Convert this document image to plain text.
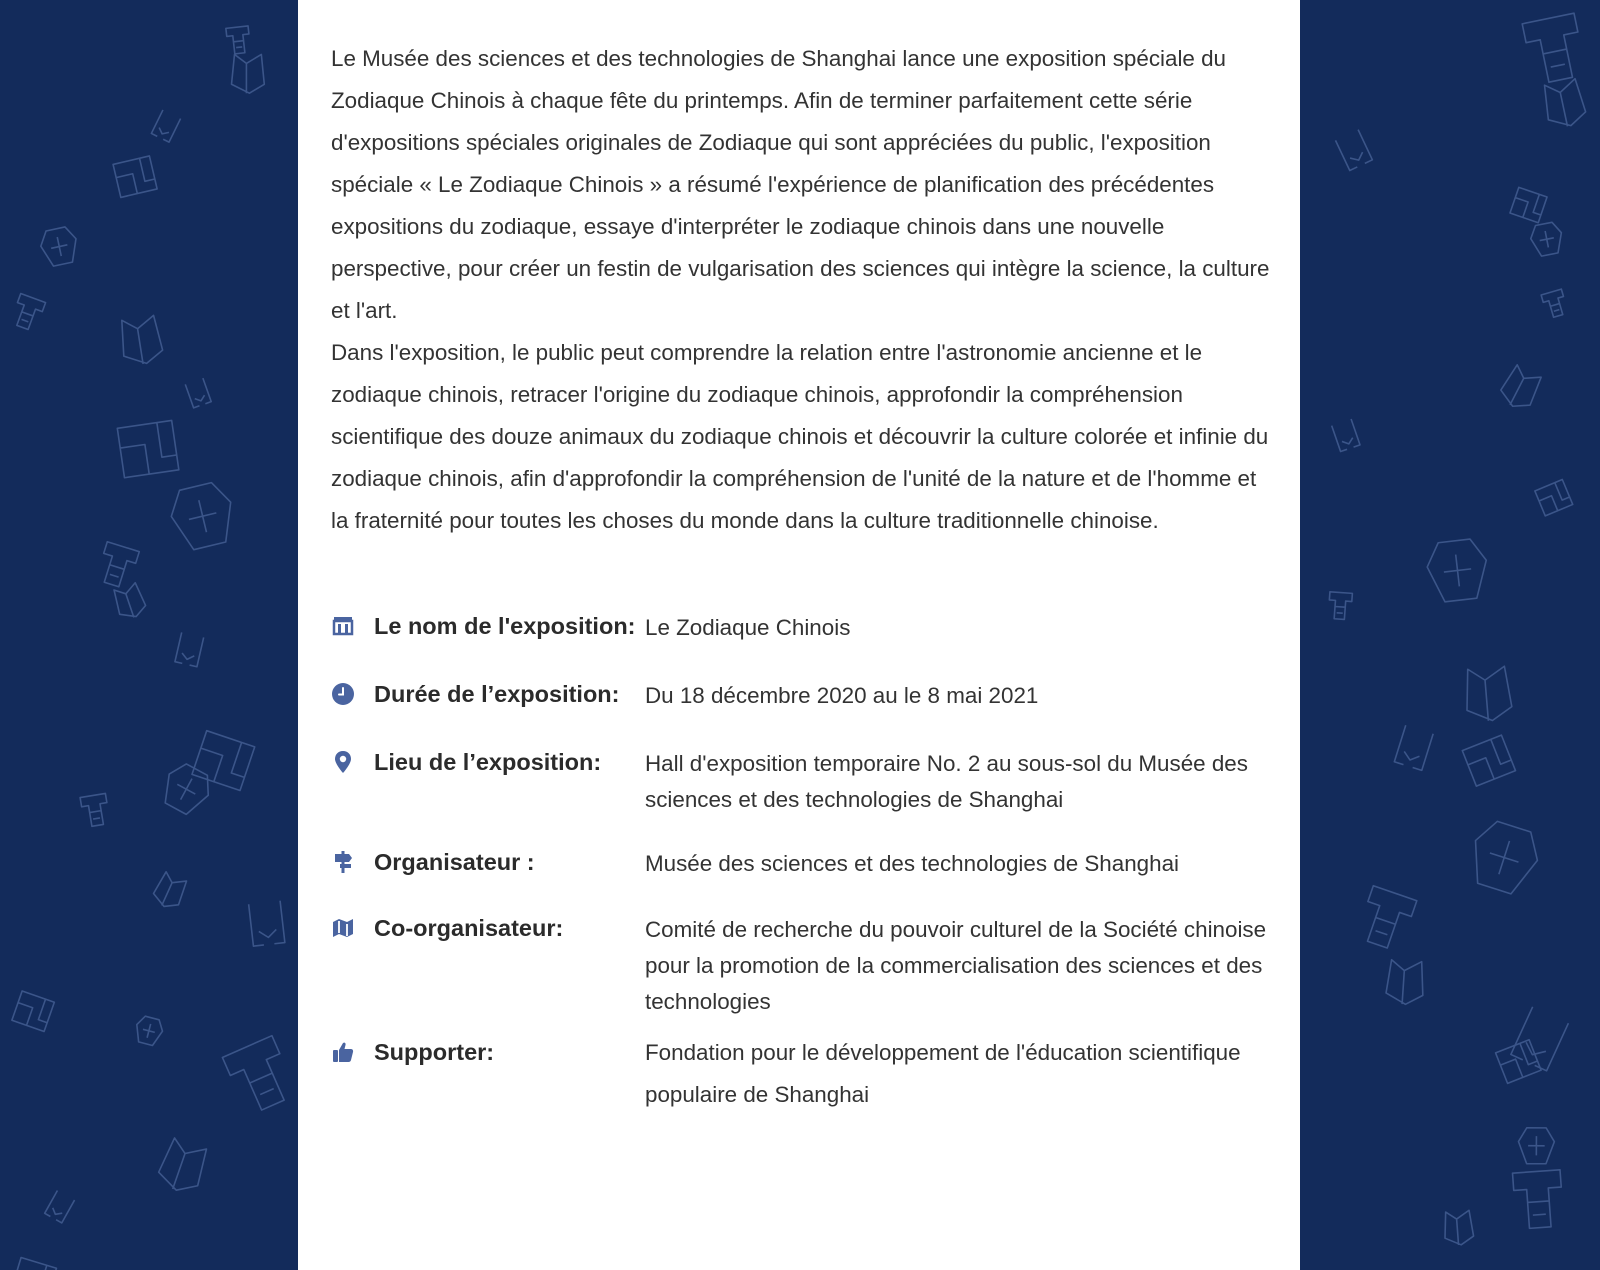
Le Musée des sciences et des technologies de Shanghai lance une exposition spéciale du Zodiaque Chinois à chaque fête du printemps. Afin de terminer parfaitement cette série d'expositions spéciales originales de Zodiaque qui sont appréciées du public, l'exposition spéciale « Le Zodiaque Chinois » a résumé l'expérience de planification des précédentes expositions du zodiaque, essaye d'interpréter le zodiaque chinois dans une nouvelle perspective, pour créer un festin de vulgarisation des sciences qui intègre la science, la culture et l'art.

Dans l'exposition, le public peut comprendre la relation entre l'astronomie ancienne et le zodiaque chinois, retracer l'origine du zodiaque chinois, approfondir la compréhension scientifique des douze animaux du zodiaque chinois et découvrir la culture colorée et infinie du zodiaque chinois, afin d'approfondir la compréhension de l'unité de la nature et de l'homme et la fraternité pour toutes les choses du monde dans la culture traditionnelle chinoise.

Le nom de l'exposition: Le Zodiaque Chinois
Durée de l’exposition:	Du 18 décembre 2020 au le 8 mai 2021
Lieu de l’exposition:	Hall d'exposition temporaire No. 2 au sous-sol du Musée des sciences et des technologies de Shanghai
Organisateur :	Musée des sciences et des technologies de Shanghai
Co-organisateur:	Comité de recherche du pouvoir culturel de la Société chinoise pour la promotion de la commercialisation des sciences et des technologies
Supporter:	Fondation pour le développement de l'éducation scientifique populaire de Shanghai
